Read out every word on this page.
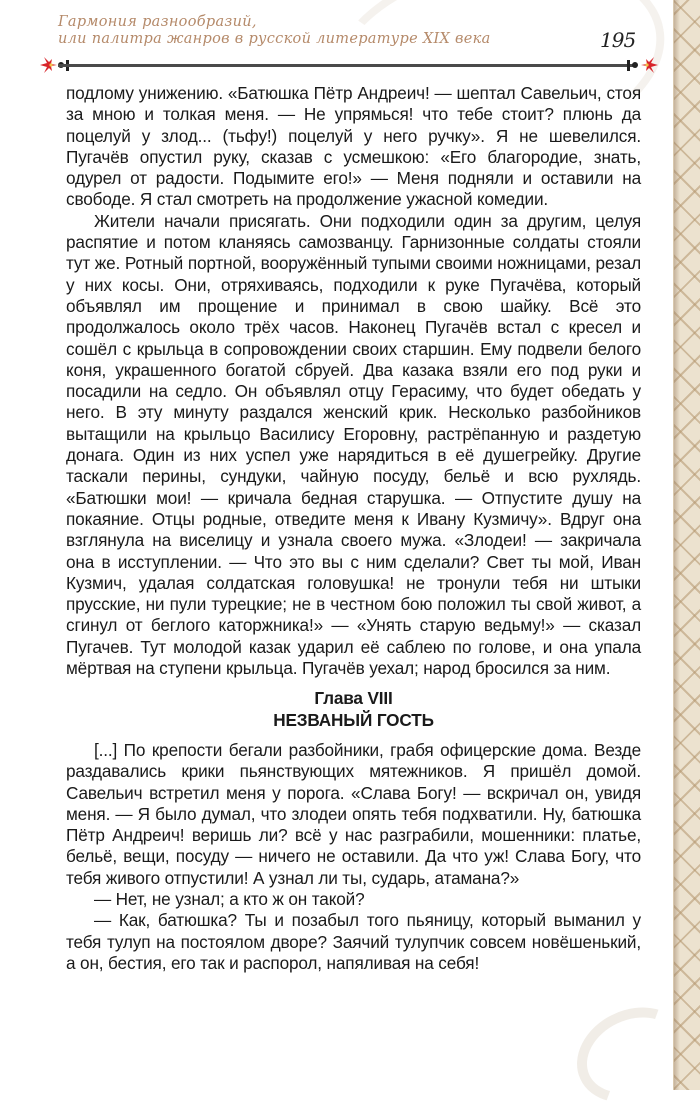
Гармония разнообразий,
или палитра жанров в русской литературе XIX века	195

подлому унижению. «Батюшка Пётр Андреич! — шептал Савельич, стоя за мною и толкая меня. — Не упрямься! что тебе стоит? плюнь да поцелуй у злод... (тьфу!) поцелуй у него ручку». Я не шевелился. Пугачёв опустил руку, сказав с усмешкою: «Его благородие, знать, одурел от радости. Подымите его!» — Меня подняли и оставили на свободе. Я стал смотреть на продолжение ужасной комедии.

Жители начали присягать. Они подходили один за другим, целуя распятие и потом кланяясь самозванцу. Гарнизонные солдаты стояли тут же. Ротный портной, вооружённый тупыми своими ножницами, резал у них косы. Они, отряхиваясь, подходили к руке Пугачёва, который объявлял им прощение и принимал в свою шайку. Всё это продолжалось около трёх часов. Наконец Пугачёв встал с кресел и сошёл с крыльца в сопровождении своих старшин. Ему подвели белого коня, украшенного богатой сбруей. Два казака взяли его под руки и посадили на седло. Он объявлял отцу Герасиму, что будет обедать у него. В эту минуту раздался женский крик. Несколько разбойников вытащили на крыльцо Василису Егоровну, растрёпанную и раздетую донага. Один из них успел уже нарядиться в её душегрейку. Другие таскали перины, сундуки, чайную посуду, бельё и всю рухлядь. «Батюшки мои! — кричала бедная старушка. — Отпустите душу на покаяние. Отцы родные, отведите меня к Ивану Кузмичу». Вдруг она взглянула на виселицу и узнала своего мужа. «Злодеи! — закричала она в исступлении. — Что это вы с ним сделали? Свет ты мой, Иван Кузмич, удалая солдатская головушка! не тронули тебя ни штыки прусские, ни пули турецкие; не в честном бою положил ты свой живот, а сгинул от беглого каторжника!» — «Унять старую ведьму!» — сказал Пугачев. Тут молодой казак ударил её саблею по голове, и она упала мёртвая на ступени крыльца. Пугачёв уехал; народ бросился за ним.

Глава VIII
НЕЗВАНЫЙ ГОСТЬ

[...] По крепости бегали разбойники, грабя офицерские дома. Везде раздавались крики пьянствующих мятежников. Я пришёл домой. Савельич встретил меня у порога. «Слава Богу! — вскричал он, увидя меня. — Я было думал, что злодеи опять тебя подхватили. Ну, батюшка Пётр Андреич! веришь ли? всё у нас разграбили, мошенники: платье, бельё, вещи, посуду — ничего не оставили. Да что уж! Слава Богу, что тебя живого отпустили! А узнал ли ты, сударь, атамана?»

— Нет, не узнал; а кто ж он такой?

— Как, батюшка? Ты и позабыл того пьяницу, который выманил у тебя тулуп на постоялом дворе? Заячий тулупчик совсем новёшенький, а он, бестия, его так и распорол, напяливая на себя!
